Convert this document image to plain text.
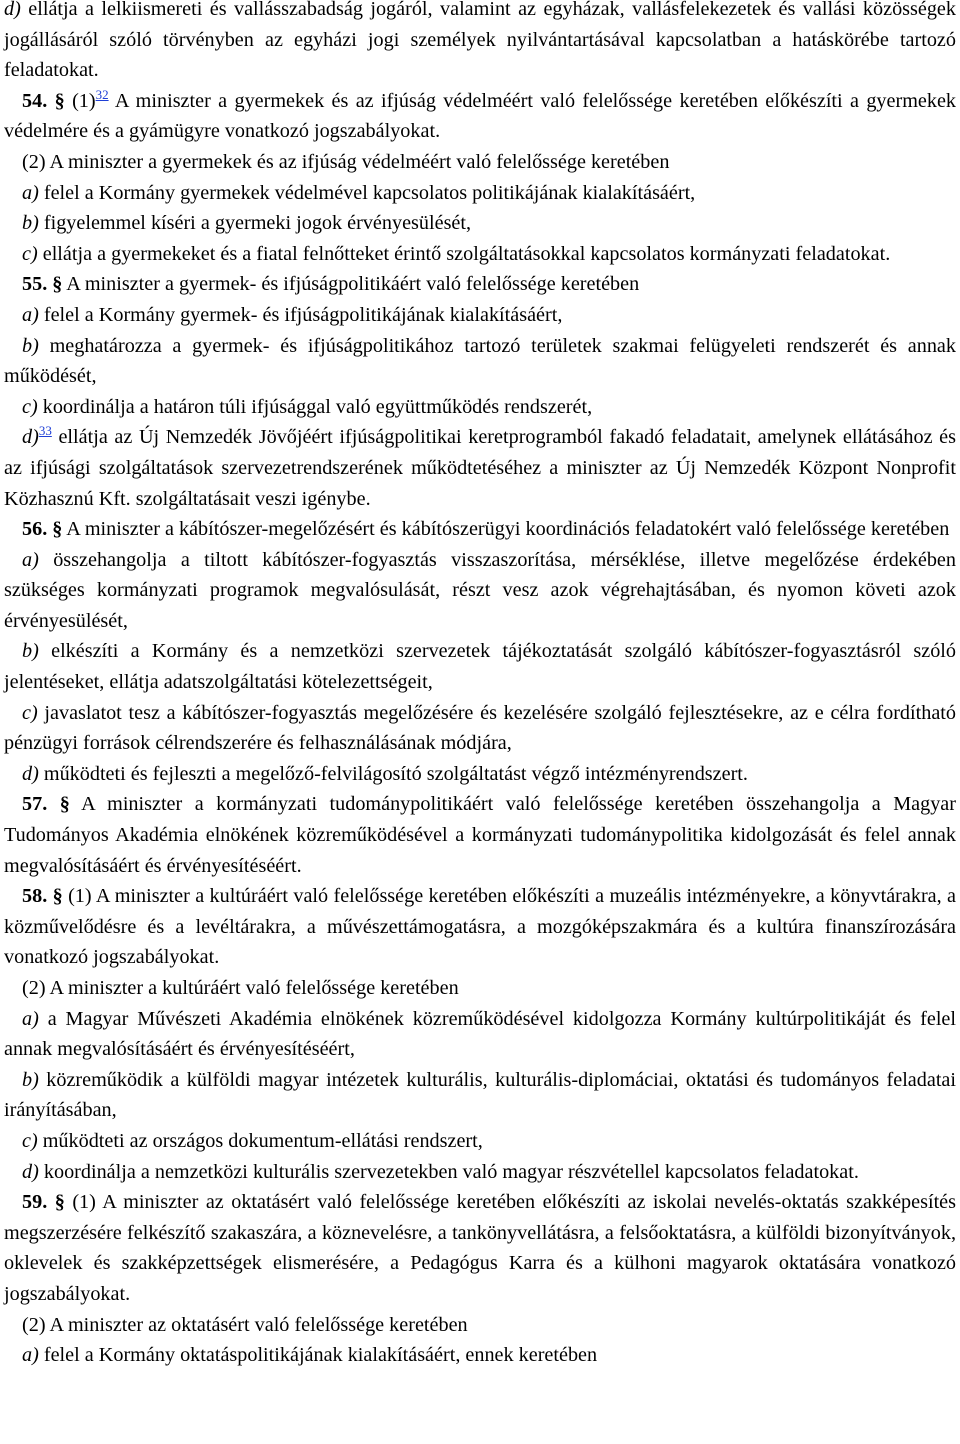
d) ellátja a lelkiismereti és vallásszabadság jogáról, valamint az egyházak, vallásfelekezetek és vallási közösségek jogállásáról szóló törvényben az egyházi jogi személyek nyilvántartásával kapcsolatban a hatáskörébe tartozó feladatokat.

54. § (1)$^{32}$ A miniszter a gyermekek és az ifjúság védelméért való felelőssége keretében előkészíti a gyermekek védelmére és a gyámügyre vonatkozó jogszabályokat.

(2) A miniszter a gyermekek és az ifjúság védelméért való felelőssége keretében

a) felel a Kormány gyermekek védelmével kapcsolatos politikájának kialakításáért,

b) figyelemmel kíséri a gyermeki jogok érvényesülését,

c) ellátja a gyermekeket és a fiatal felnőtteket érintő szolgáltatásokkal kapcsolatos kormányzati feladatokat.

55. § A miniszter a gyermek- és ifjúságpolitikáért való felelőssége keretében

a) felel a Kormány gyermek- és ifjúságpolitikájának kialakításáért,

b) meghatározza a gyermek- és ifjúságpolitikához tartozó területek szakmai felügyeleti rendszerét és annak működését,

c) koordinálja a határon túli ifjúsággal való együttműködés rendszerét,

d)$^{33}$ ellátja az Új Nemzedék Jövőjéért ifjúságpolitikai keretprogramból fakadó feladatait, amelynek ellátásához és az ifjúsági szolgáltatások szervezetrendszerének működtetéséhez a miniszter az Új Nemzedék Központ Nonprofit Közhasznú Kft. szolgáltatásait veszi igénybe.

56. § A miniszter a kábítószer-megelőzésért és kábítószerügyi koordinációs feladatokért való felelőssége keretében

a) összehangolja a tiltott kábítószer-fogyasztás visszaszorítása, mérséklése, illetve megelőzése érdekében szükséges kormányzati programok megvalósulását, részt vesz azok végrehajtásában, és nyomon követi azok érvényesülését,

b) elkészíti a Kormány és a nemzetközi szervezetek tájékoztatását szolgáló kábítószer-fogyasztásról szóló jelentéseket, ellátja adatszolgáltatási kötelezettségeit,

c) javaslatot tesz a kábítószer-fogyasztás megelőzésére és kezelésére szolgáló fejlesztésekre, az e célra fordítható pénzügyi források célrendszerére és felhasználásának módjára,

d) működteti és fejleszti a megelőző-felvilágosító szolgáltatást végző intézményrendszert.

57. § A miniszter a kormányzati tudománypolitikáért való felelőssége keretében összehangolja a Magyar Tudományos Akadémia elnökének közreműködésével a kormányzati tudománypolitika kidolgozását és felel annak megvalósításáért és érvényesítéséért.

58. § (1) A miniszter a kultúráért való felelőssége keretében előkészíti a muzeális intézményekre, a könyvtárakra, a közművelődésre és a levéltárakra, a művészettámogatásra, a mozgóképszakmára és a kultúra finanszírozására vonatkozó jogszabályokat.

(2) A miniszter a kultúráért való felelőssége keretében

a) a Magyar Művészeti Akadémia elnökének közreműködésével kidolgozza Kormány kultúrpolitikáját és felel annak megvalósításáért és érvényesítéséért,

b) közreműködik a külföldi magyar intézetek kulturális, kulturális-diplomáciai, oktatási és tudományos feladatai irányításában,

c) működteti az országos dokumentum-ellátási rendszert,

d) koordinálja a nemzetközi kulturális szervezetekben való magyar részvétellel kapcsolatos feladatokat.

59. § (1) A miniszter az oktatásért való felelőssége keretében előkészíti az iskolai nevelés-oktatás szakképesítés megszerzésére felkészítő szakaszára, a köznevelésre, a tankönyvellátásra, a felsőoktatásra, a külföldi bizonyítványok, oklevelek és szakképzettségek elismerésére, a Pedagógus Karra és a külhoni magyarok oktatására vonatkozó jogszabályokat.

(2) A miniszter az oktatásért való felelőssége keretében

a) felel a Kormány oktatáspolitikájának kialakításáért, ennek keretében
